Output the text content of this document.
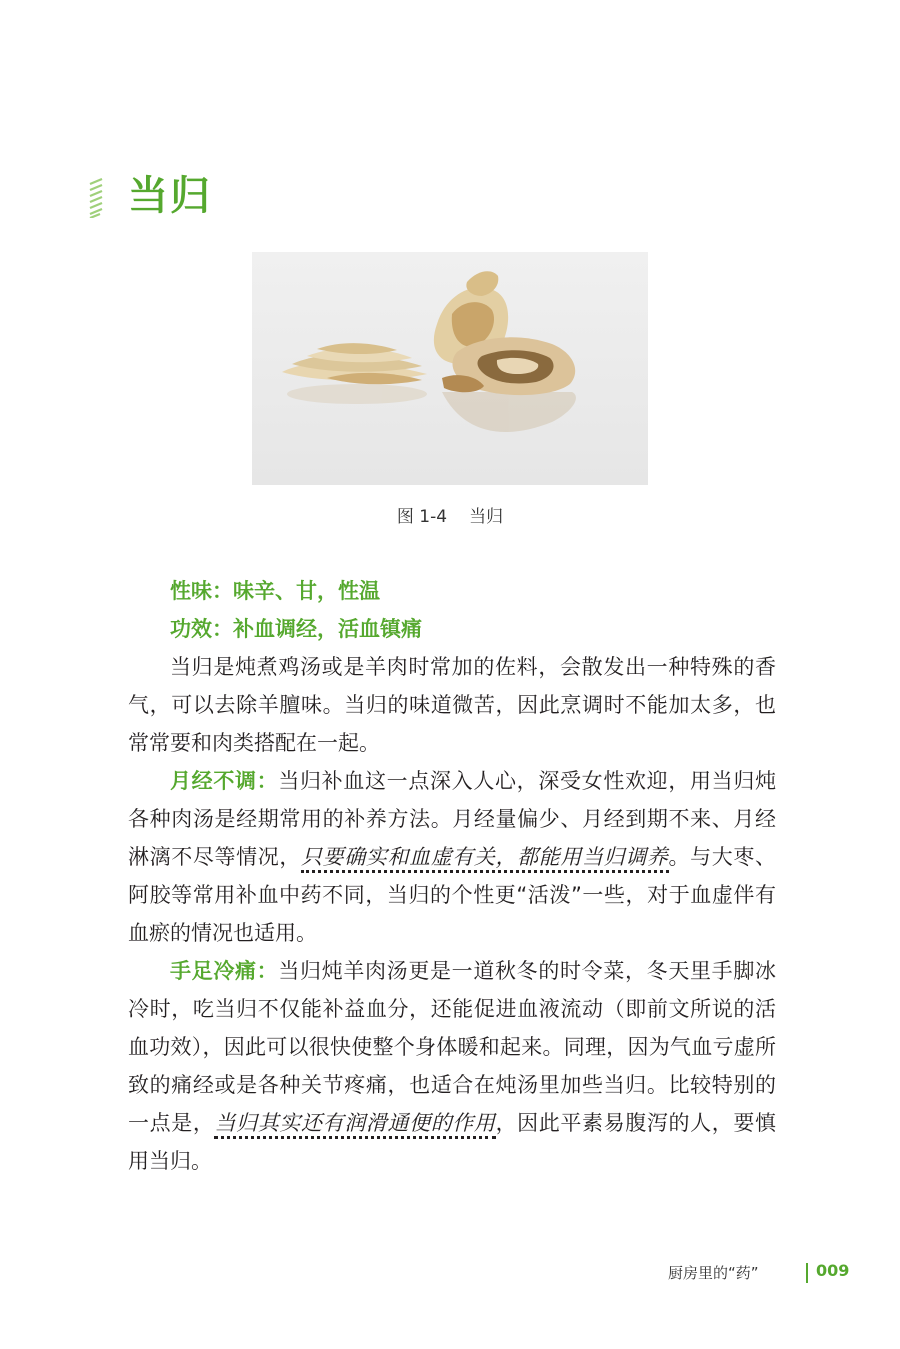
当归
图 1-4 当归

性味：味辛、甘，性温

功效：补血调经，活血镇痛

当归是炖煮鸡汤或是羊肉时常加的佐料，会散发出一种特殊的香气，可以去除羊膻味。当归的味道微苦，因此烹调时不能加太多，也常常要和肉类搭配在一起。

月经不调：当归补血这一点深入人心，深受女性欢迎，用当归炖各种肉汤是经期常用的补养方法。月经量偏少、月经到期不来、月经淋漓不尽等情况，只要确实和血虚有关，都能用当归调养。与大枣、阿胶等常用补血中药不同，当归的个性更“活泼”一些，对于血虚伴有血瘀的情况也适用。

手足冷痛：当归炖羊肉汤更是一道秋冬的时令菜，冬天里手脚冰冷时，吃当归不仅能补益血分，还能促进血液流动（即前文所说的活血功效），因此可以很快使整个身体暖和起来。同理，因为气血亏虚所致的痛经或是各种关节疼痛，也适合在炖汤里加些当归。比较特别的一点是，当归其实还有润滑通便的作用，因此平素易腹泻的人，要慎用当归。

厨房里的“药”	009
